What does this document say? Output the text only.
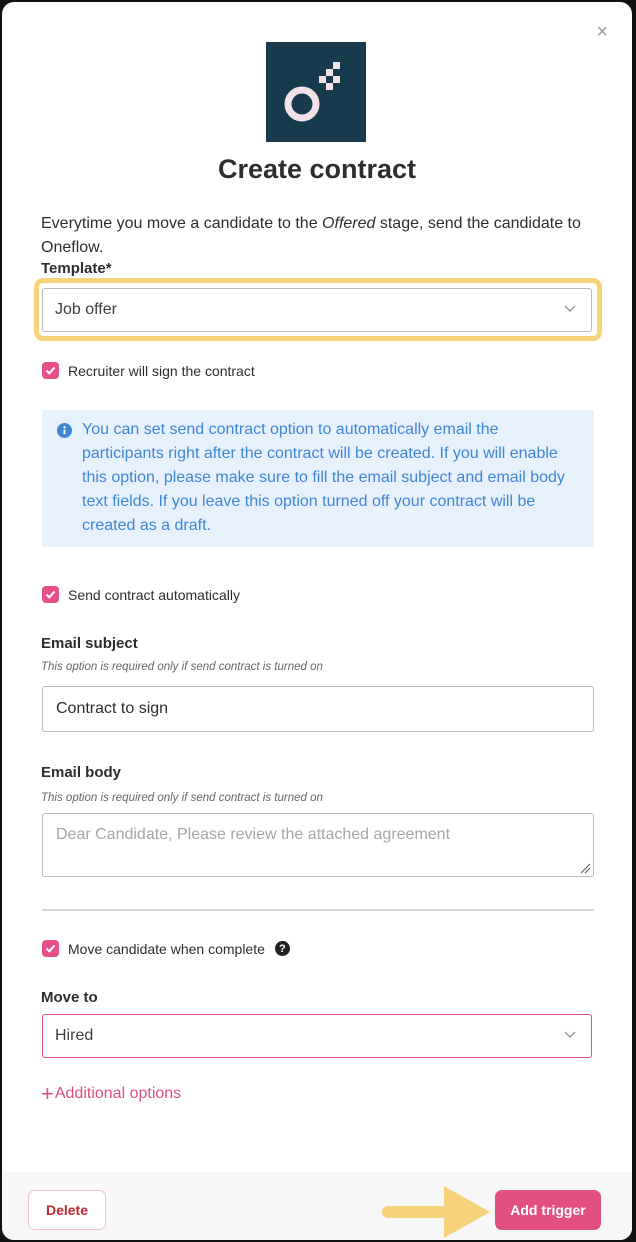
×
Create contract
Everytime you move a candidate to the Offered stage, send the candidate to Oneflow.
Template*
Job offer
Recruiter will sign the contract
You can set send contract option to automatically email the participants right after the contract will be created. If you will enable this option, please make sure to fill the email subject and email body text fields. If you leave this option turned off your contract will be created as a draft.
Send contract automatically
Email subject
This option is required only if send contract is turned on
Contract to sign
Email body
This option is required only if send contract is turned on
Dear Candidate, Please review the attached agreement
Move candidate when complete	?
Move to
Hired
+ Additional options
Delete	Add trigger
